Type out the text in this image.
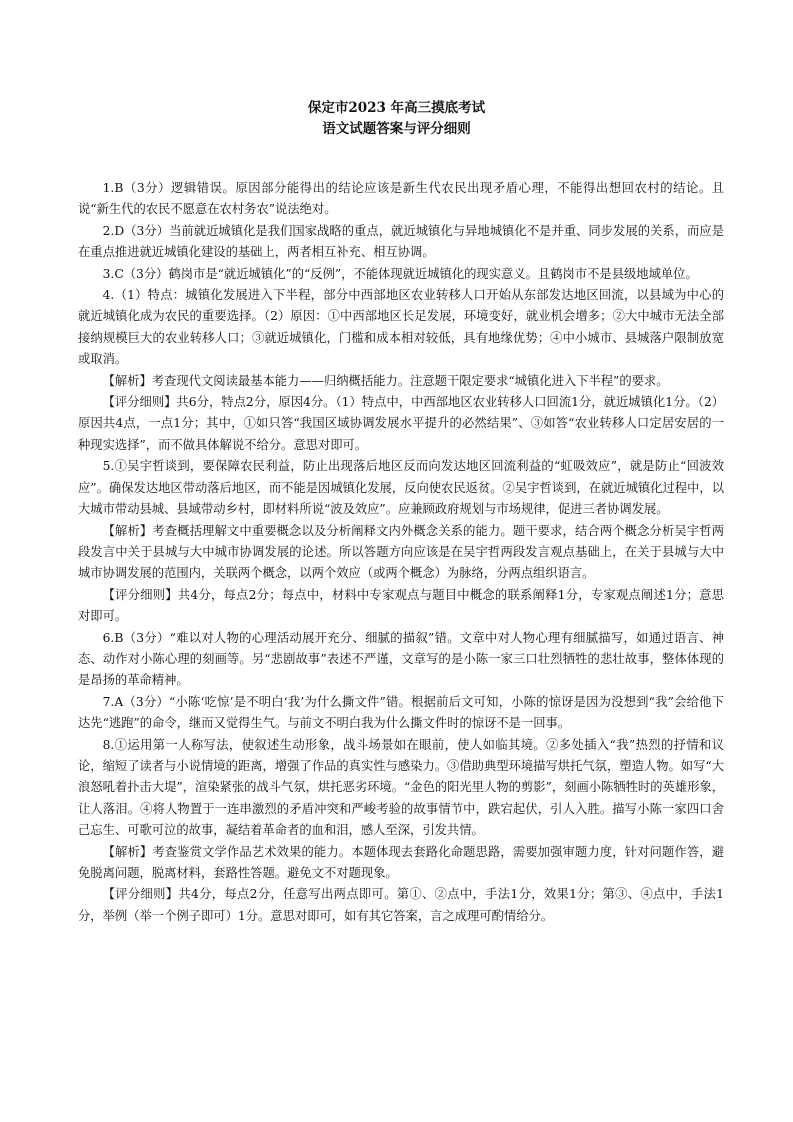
保定市2023 年高三摸底考试
语文试题答案与评分细则

1.B（3分）逻辑错误。原因部分能得出的结论应该是新生代农民出现矛盾心理，不能得出想回农村的结论。且说“新生代的农民不愿意在农村务农”说法绝对。

2.D（3分）当前就近城镇化是我们国家战略的重点，就近城镇化与异地城镇化不是并重、同步发展的关系，而应是在重点推进就近城镇化建设的基础上，两者相互补充、相互协调。

3.C（3分）鹤岗市是“就近城镇化”的“反例”，不能体现就近城镇化的现实意义。且鹤岗市不是县级地域单位。

4.（1）特点：城镇化发展进入下半程，部分中西部地区农业转移人口开始从东部发达地区回流，以县域为中心的就近城镇化成为农民的重要选择。（2）原因：①中西部地区长足发展，环境变好，就业机会增多；②大中城市无法全部接纳规模巨大的农业转移人口；③就近城镇化，门槛和成本相对较低，具有地缘优势；④中小城市、县城落户限制放宽或取消。

【解析】考查现代文阅读最基本能力——归纳概括能力。注意题干限定要求“城镇化进入下半程”的要求。

【评分细则】共6分，特点2分，原因4分。（1）特点中，中西部地区农业转移人口回流1分，就近城镇化1分。（2）原因共4点，一点1分；其中，①如只答“我国区域协调发展水平提升的必然结果”、③如答“农业转移人口定居安居的一种现实选择”，而不做具体解说不给分。意思对即可。

5.①吴宇哲谈到，要保障农民利益，防止出现落后地区反而向发达地区回流利益的“虹吸效应”，就是防止“回波效应”。确保发达地区带动落后地区，而不能是因城镇化发展，反向使农民返贫。②吴宇哲谈到，在就近城镇化过程中，以大城市带动县城、县域带动乡村，即材料所说“波及效应”。应兼顾政府规划与市场规律，促进三者协调发展。

【解析】考查概括理解文中重要概念以及分析阐释文内外概念关系的能力。题干要求，结合两个概念分析吴宇哲两段发言中关于县城与大中城市协调发展的论述。所以答题方向应该是在吴宇哲两段发言观点基础上，在关于县城与大中城市协调发展的范围内，关联两个概念，以两个效应（或两个概念）为脉络，分两点组织语言。

【评分细则】共4分，每点2分；每点中，材料中专家观点与题目中概念的联系阐释1分，专家观点阐述1分；意思对即可。

6.B（3分）“难以对人物的心理活动展开充分、细腻的描叙”错。文章中对人物心理有细腻描写，如通过语言、神态、动作对小陈心理的刻画等。另“悲剧故事”表述不严谨，文章写的是小陈一家三口壮烈牺牲的悲壮故事，整体体现的是昂扬的革命精神。

7.A（3分）“小陈‘吃惊’是不明白‘我’为什么撕文件”错。根据前后文可知，小陈的惊讶是因为没想到“我”会给他下达先“逃跑”的命令，继而又觉得生气。与前文不明白我为什么撕文件时的惊讶不是一回事。

8.①运用第一人称写法，使叙述生动形象，战斗场景如在眼前，使人如临其境。②多处插入“我”热烈的抒情和议论，缩短了读者与小说情境的距离，增强了作品的真实性与感染力。③借助典型环境描写烘托气氛，塑造人物。如写“大浪怒吼着扑击大堤”，渲染紧张的战斗气氛，烘托恶劣环境。“金色的阳光里人物的剪影”，刻画小陈牺牲时的英雄形象，让人落泪。④将人物置于一连串激烈的矛盾冲突和严峻考验的故事情节中，跌宕起伏，引人入胜。描写小陈一家四口舍己忘生、可歌可泣的故事，凝结着革命者的血和泪，感人至深，引发共情。

【解析】考查鉴赏文学作品艺术效果的能力。本题体现去套路化命题思路，需要加强审题力度，针对问题作答，避免脱离问题，脱离材料，套路性答题。避免文不对题现象。

【评分细则】共4分，每点2分，任意写出两点即可。第①、②点中，手法1分，效果1分；第③、④点中，手法1分，举例（举一个例子即可）1分。意思对即可，如有其它答案，言之成理可酌情给分。
